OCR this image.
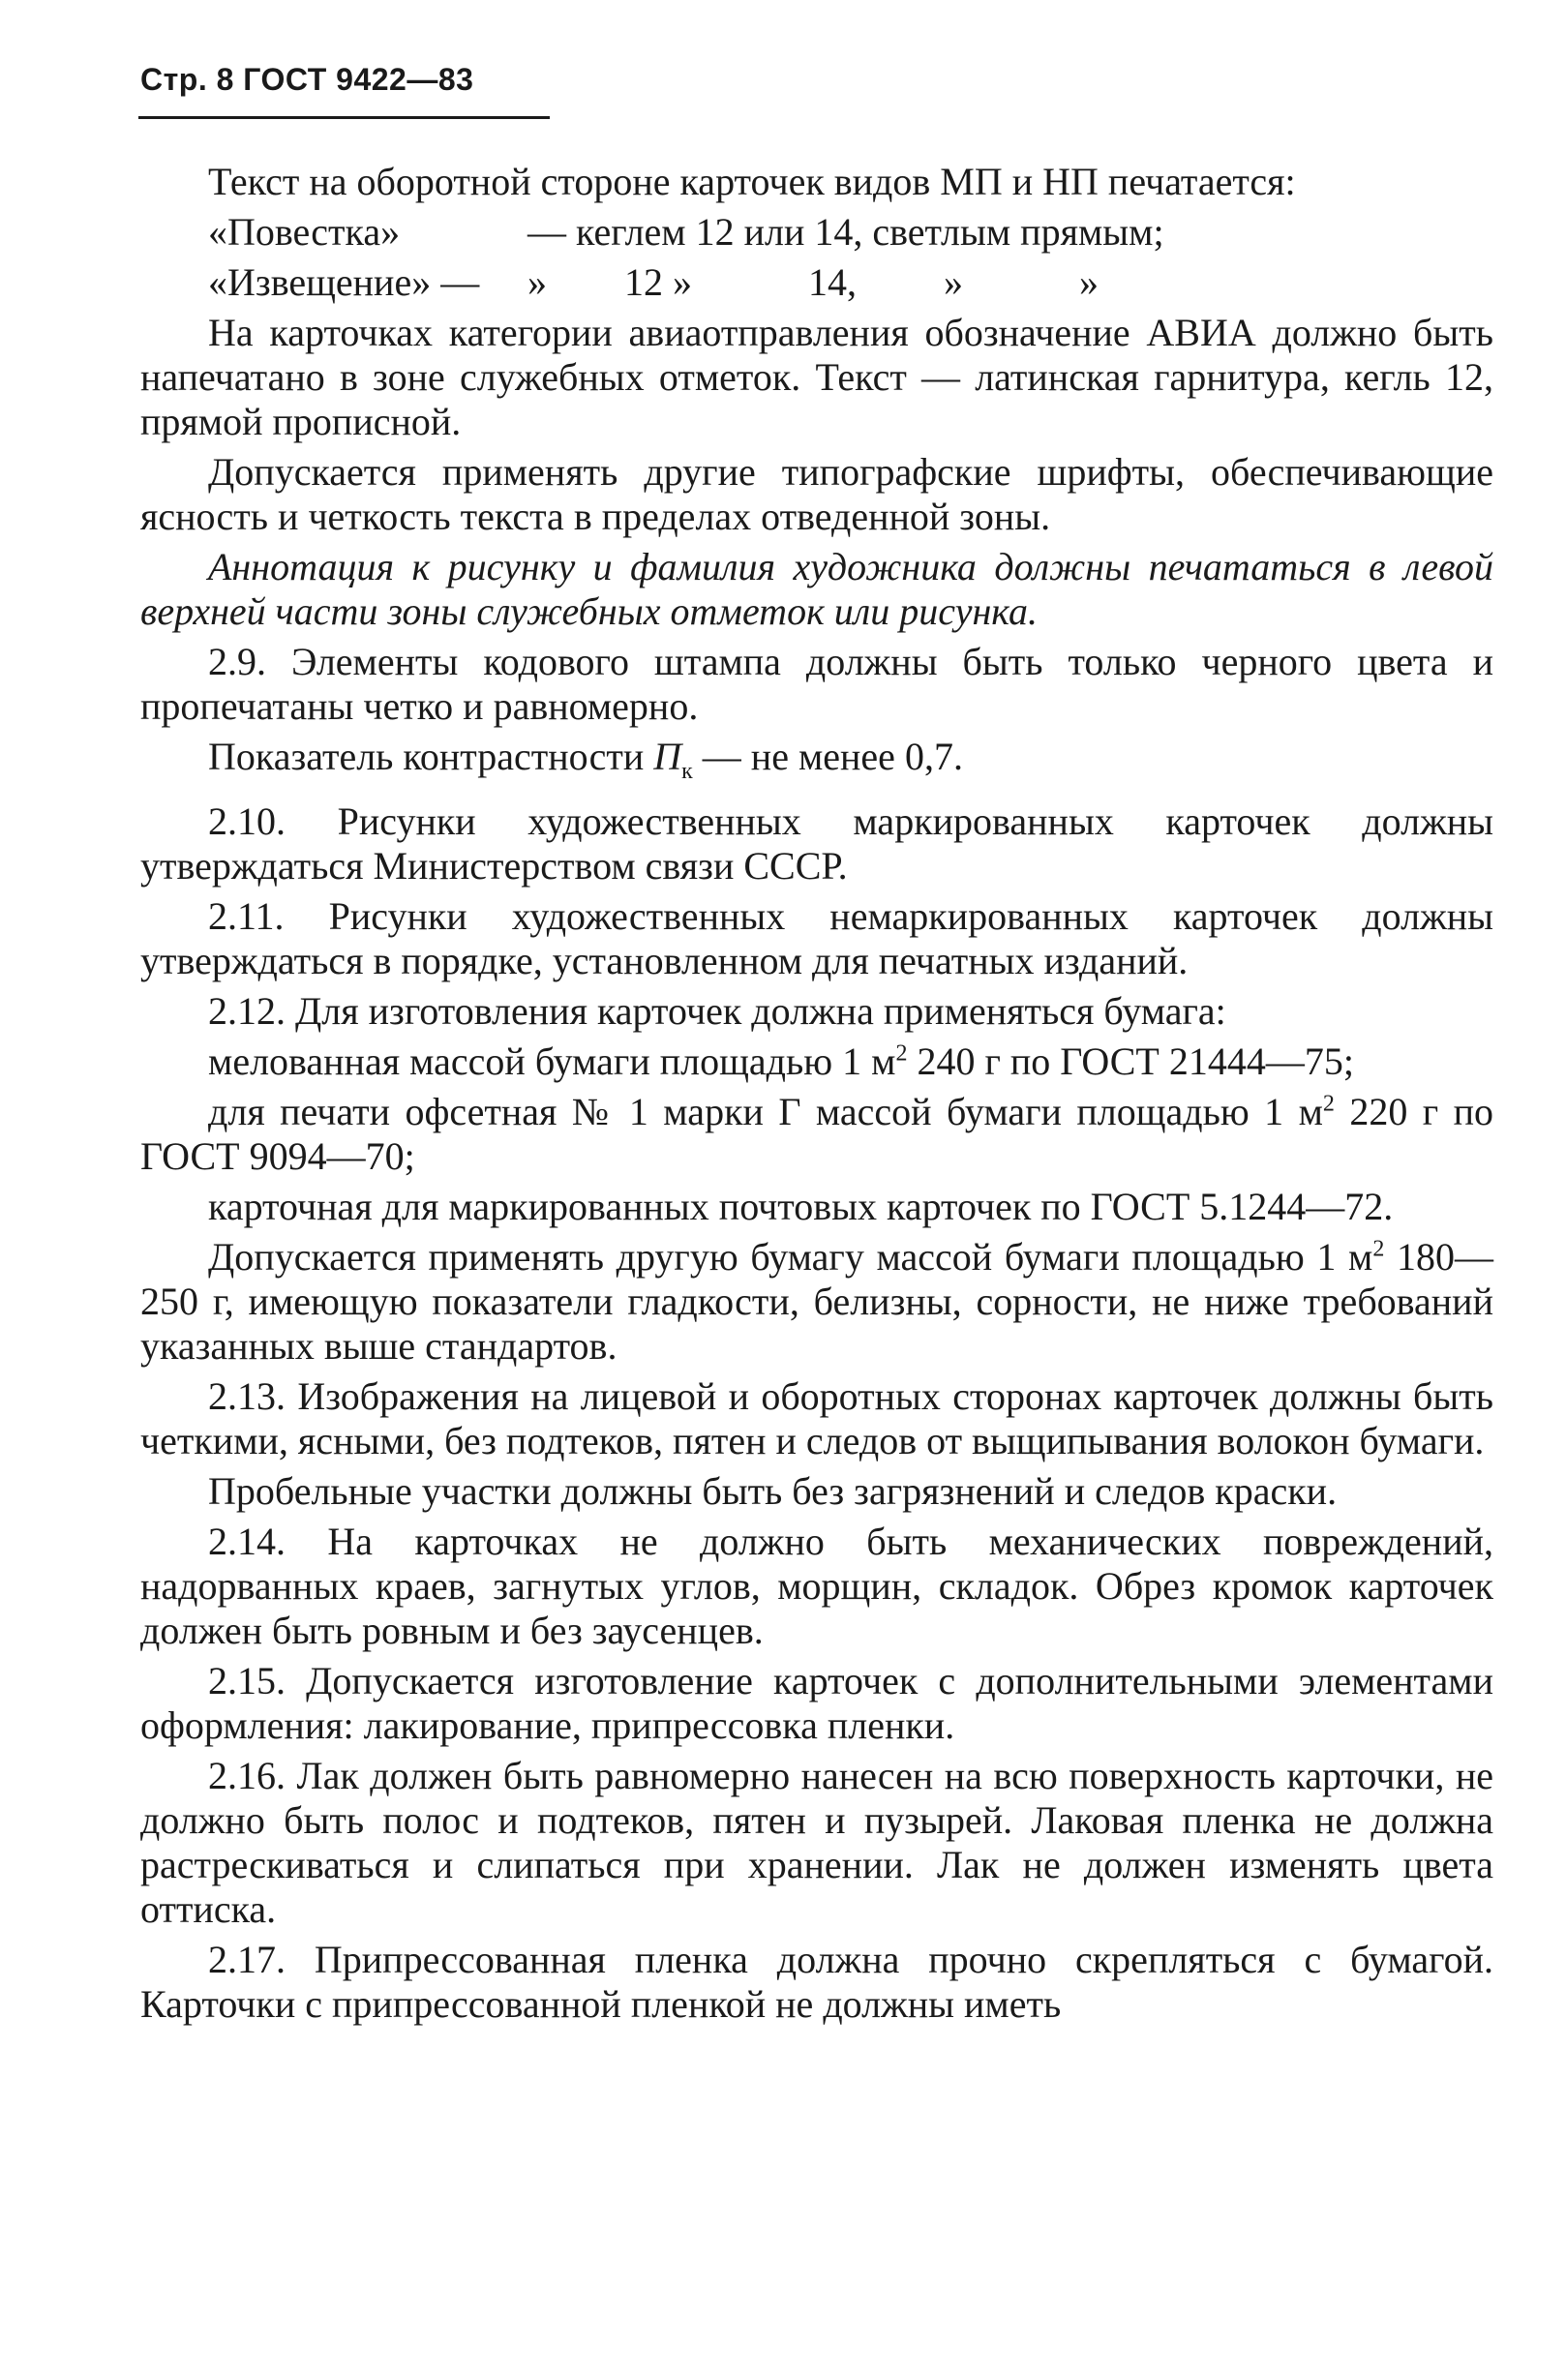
Стр. 8 ГОСТ 9422—83

Текст на оборотной стороне карточек видов МП и НП печатается:

«Повестка»	— кеглем 12 или 14, светлым прямым;
«Извещение» —	»	12 »	14,	»	»

На карточках категории авиаотправления обозначение АВИА должно быть напечатано в зоне служебных отметок. Текст — латинская гарнитура, кегль 12, прямой прописной.

Допускается применять другие типографские шрифты, обеспечивающие ясность и четкость текста в пределах отведенной зоны.

Аннотация к рисунку и фамилия художника должны печататься в левой верхней части зоны служебных отметок или рисунка.

2.9. Элементы кодового штампа должны быть только черного цвета и пропечатаны четко и равномерно.

Показатель контрастности $П_к$ — не менее 0,7.

2.10. Рисунки художественных маркированных карточек должны утверждаться Министерством связи СССР.

2.11. Рисунки художественных немаркированных карточек должны утверждаться в порядке, установленном для печатных изданий.

2.12. Для изготовления карточек должна применяться бумага:

мелованная массой бумаги площадью 1 $м^2$ 240 г по ГОСТ 21444—75;

для печати офсетная № 1 марки Г массой бумаги площадью 1 $м^2$ 220 г по ГОСТ 9094—70;

карточная для маркированных почтовых карточек по ГОСТ 5.1244—72.

Допускается применять другую бумагу массой бумаги площадью 1 $м^2$ 180—250 г, имеющую показатели гладкости, белизны, сорности, не ниже требований указанных выше стандартов.

2.13. Изображения на лицевой и оборотных сторонах карточек должны быть четкими, ясными, без подтеков, пятен и следов от выщипывания волокон бумаги.

Пробельные участки должны быть без загрязнений и следов краски.

2.14. На карточках не должно быть механических повреждений, надорванных краев, загнутых углов, морщин, складок. Обрез кромок карточек должен быть ровным и без заусенцев.

2.15. Допускается изготовление карточек с дополнительными элементами оформления: лакирование, припрессовка пленки.

2.16. Лак должен быть равномерно нанесен на всю поверхность карточки, не должно быть полос и подтеков, пятен и пузырей. Лаковая пленка не должна растрескиваться и слипаться при хранении. Лак не должен изменять цвета оттиска.

2.17. Припрессованная пленка должна прочно скрепляться с бумагой. Карточки с припрессованной пленкой не должны иметь
